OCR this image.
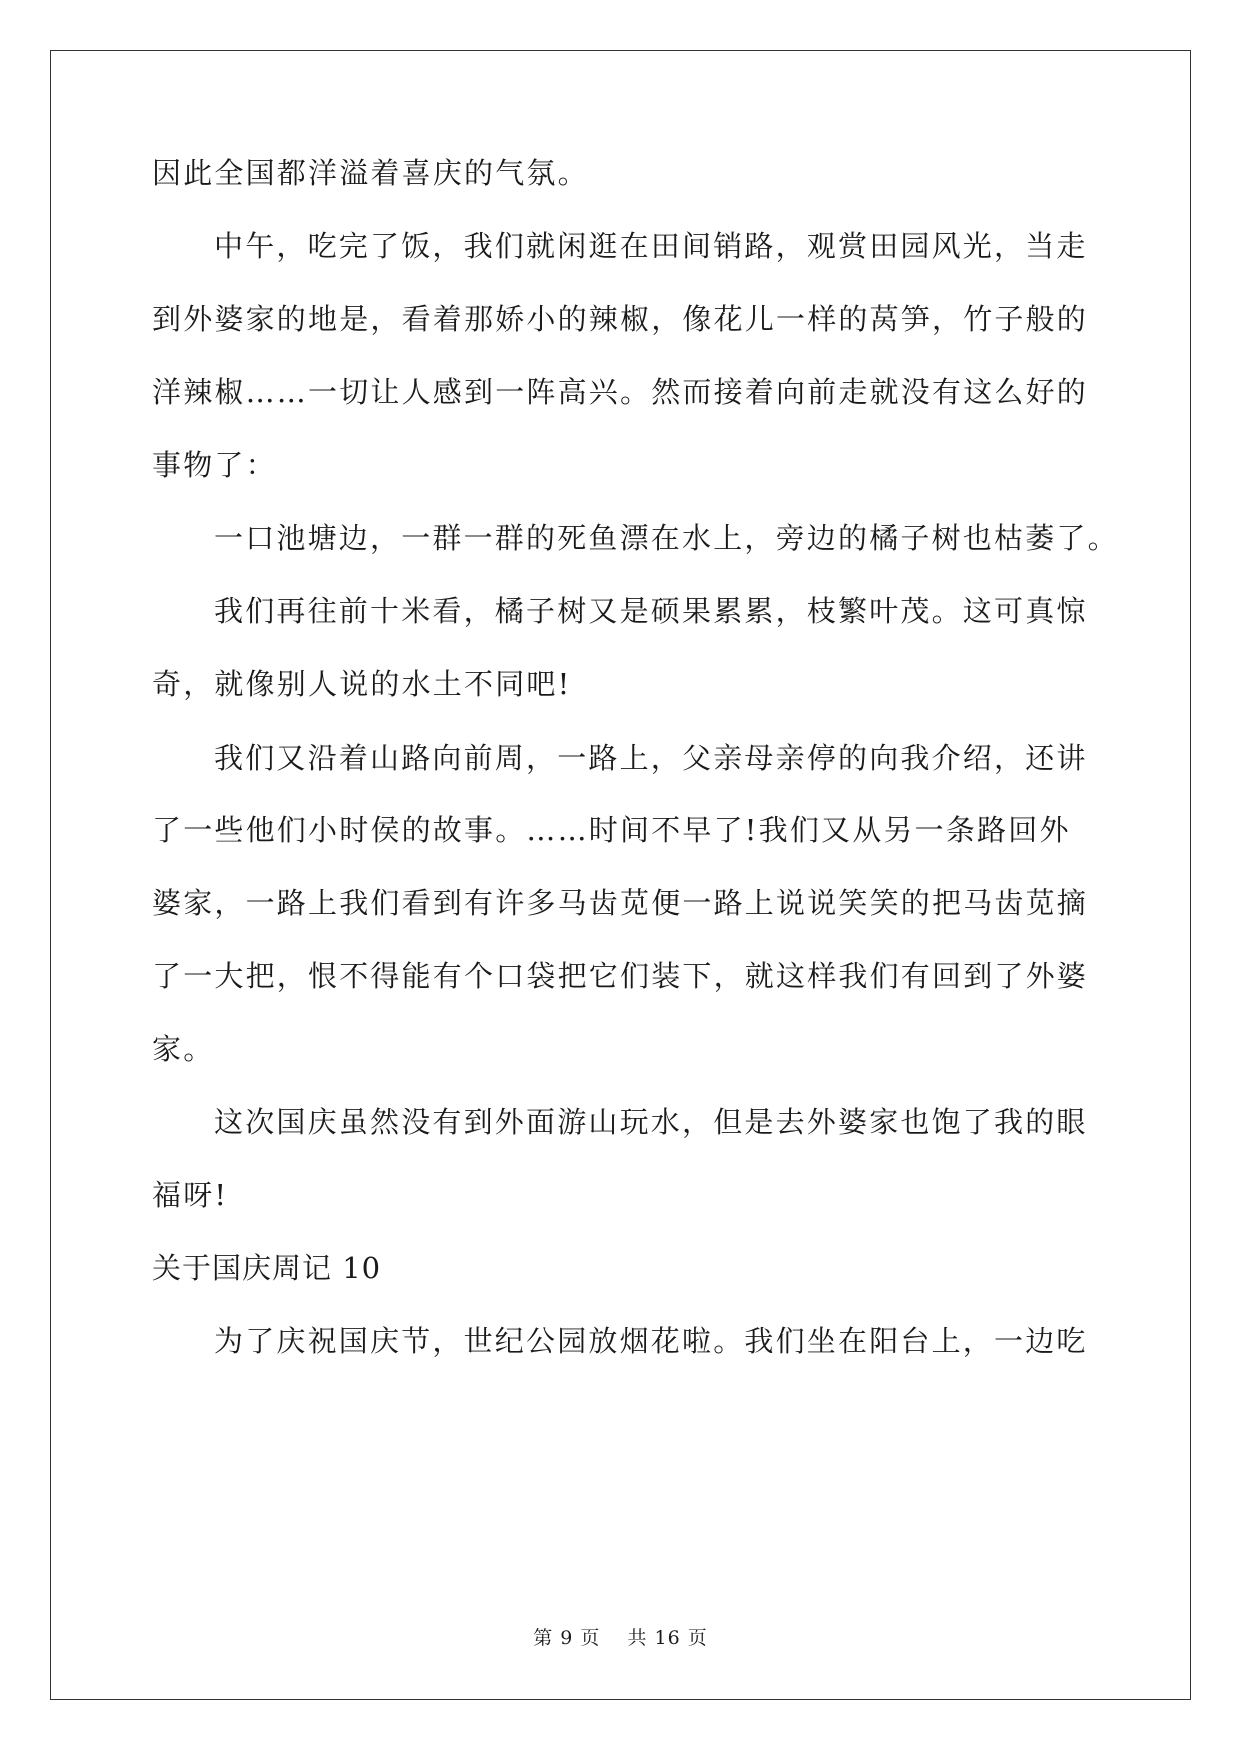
因此全国都洋溢着喜庆的气氛。

中午，吃完了饭，我们就闲逛在田间销路，观赏田园风光，当走

到外婆家的地是，看着那娇小的辣椒，像花儿一样的莴笋，竹子般的

洋辣椒……一切让人感到一阵高兴。然而接着向前走就没有这么好的

事物了：

一口池塘边，一群一群的死鱼漂在水上，旁边的橘子树也枯萎了。

我们再往前十米看，橘子树又是硕果累累，枝繁叶茂。这可真惊

奇，就像别人说的水土不同吧!

我们又沿着山路向前周，一路上，父亲母亲停的向我介绍，还讲

了一些他们小时侯的故事。……时间不早了!我们又从另一条路回外

婆家，一路上我们看到有许多马齿苋便一路上说说笑笑的把马齿苋摘

了一大把，恨不得能有个口袋把它们装下，就这样我们有回到了外婆

家。

这次国庆虽然没有到外面游山玩水，但是去外婆家也饱了我的眼

福呀!

关于国庆周记 10

为了庆祝国庆节，世纪公园放烟花啦。我们坐在阳台上，一边吃

第 9 页　 共 16 页
